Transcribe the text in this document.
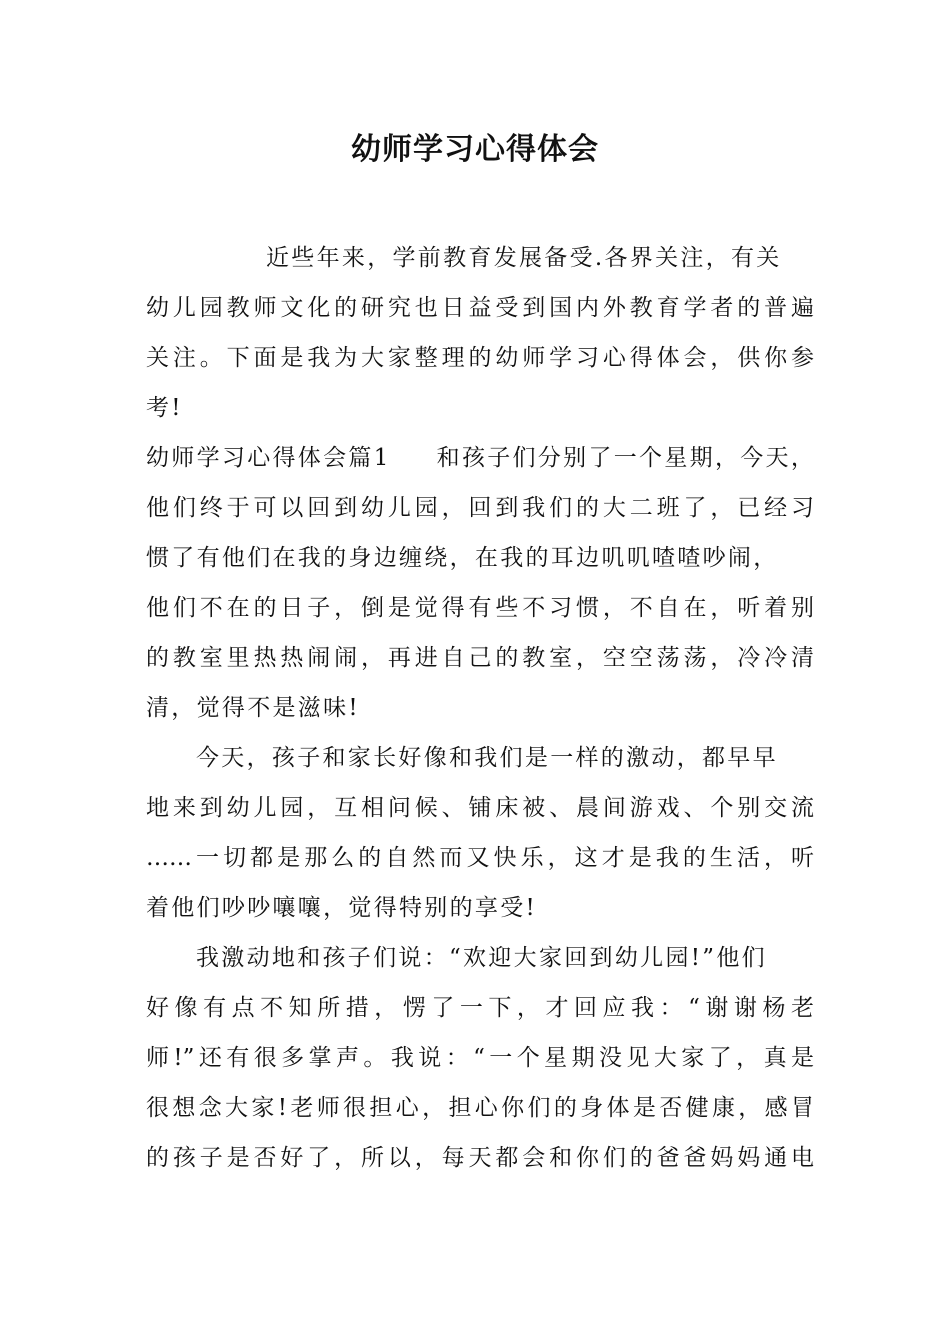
幼师学习心得体会
近些年来，学前教育发展备受.各界关注，有关
幼儿园教师文化的研究也日益受到国内外教育学者的普遍
关注。下面是我为大家整理的幼师学习心得体会，供你参
考!
幼师学习心得体会篇1 和孩子们分别了一个星期，今天，
他们终于可以回到幼儿园，回到我们的大二班了，已经习
惯了有他们在我的身边缠绕，在我的耳边叽叽喳喳吵闹，
他们不在的日子，倒是觉得有些不习惯，不自在，听着别
的教室里热热闹闹，再进自己的教室，空空荡荡，冷冷清
清，觉得不是滋味!
今天，孩子和家长好像和我们是一样的激动，都早早
地来到幼儿园，互相问候、铺床被、晨间游戏、个别交流
……一切都是那么的自然而又快乐，这才是我的生活，听
着他们吵吵嚷嚷，觉得特别的享受!
我激动地和孩子们说：“欢迎大家回到幼儿园!”他们
好像有点不知所措，愣了一下，才回应我：“谢谢杨老
师!”还有很多掌声。我说：“一个星期没见大家了，真是
很想念大家!老师很担心，担心你们的身体是否健康，感冒
的孩子是否好了，所以，每天都会和你们的爸爸妈妈通电
